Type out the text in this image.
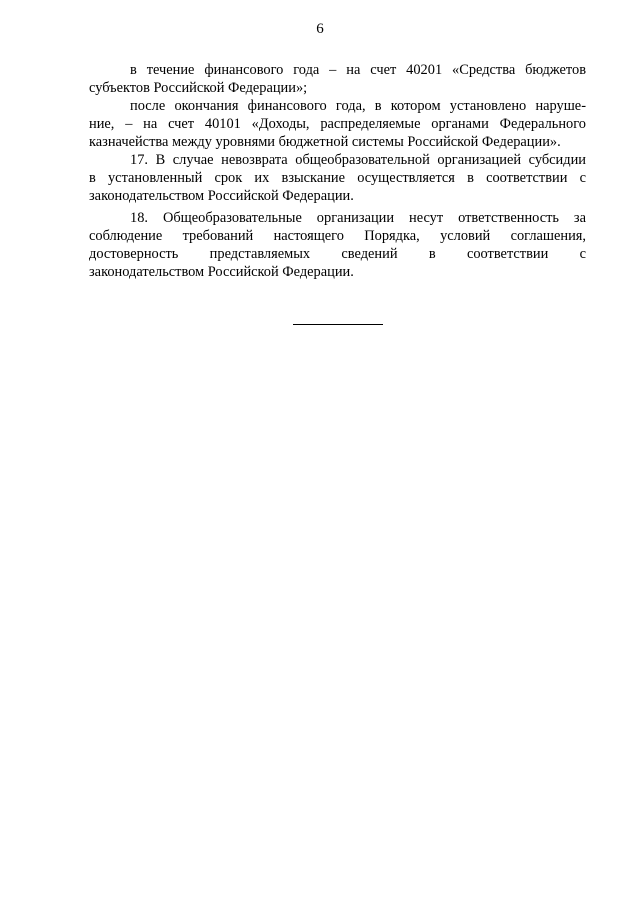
6
в течение финансового года – на счет 40201 «Средства бюджетов
субъектов Российской Федерации»;
после окончания финансового года, в котором установлено наруше-
ние, – на счет 40101 «Доходы, распределяемые органами Федерального
казначейства между уровнями бюджетной системы Российской Федерации».
17. В случае невозврата общеобразовательной организацией субсидии
в установленный срок их взыскание осуществляется в соответствии с
законодательством Российской Федерации.
18. Общеобразовательные организации несут ответственность за
соблюдение требований настоящего Порядка, условий соглашения,
достоверность представляемых сведений в соответствии с
законодательством Российской Федерации.
